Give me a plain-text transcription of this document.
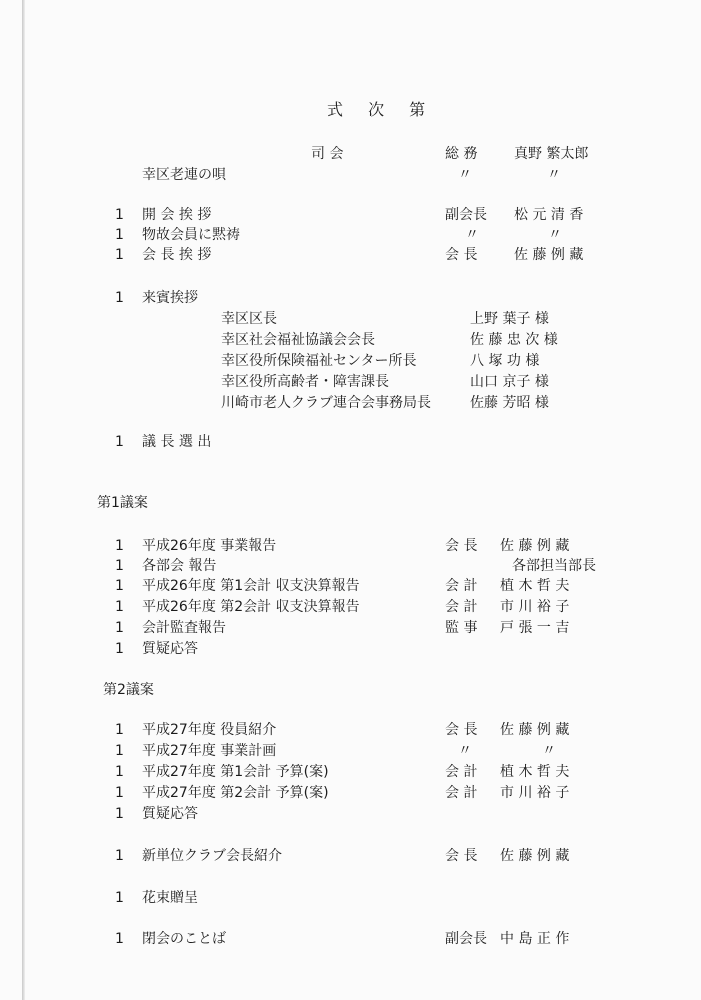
式 次 第
司 会	総 務	真野 繁太郎
幸区老連の唄	〃	〃
1 開 会 挨 拶	副会長 松 元 清 香
1 物故会員に黙祷	〃	〃
1 会 長 挨 拶	会 長	佐 藤 例 藏
1 来賓挨拶
幸区区長	上野 葉子 様
幸区社会福祉協議会会長	佐 藤 忠 次 様
幸区役所保険福祉センター所長	八 塚 功 様
幸区役所高齢者・障害課長	山口 京子 様
川崎市老人クラブ連合会事務局長	佐藤 芳昭 様
1 議 長 選 出
第1議案
1 平成26年度 事業報告	会 長 佐 藤 例 藏
1 各部会 報告	各部担当部長
1 平成26年度 第1会計 収支決算報告	会 計 植 木 哲 夫
1 平成26年度 第2会計 収支決算報告	会 計 市 川 裕 子
1 会計監査報告	監 事 戸 張 一 吉
1 質疑応答
第2議案
1 平成27年度 役員紹介	会 長 佐 藤 例 藏
1 平成27年度 事業計画	〃	〃
1 平成27年度 第1会計 予算(案)	会 計 植 木 哲 夫
1 平成27年度 第2会計 予算(案)	会 計 市 川 裕 子
1 質疑応答
1 新単位クラブ会長紹介	会 長 佐 藤 例 藏
1 花束贈呈
1 閉会のことば	副会長 中 島 正 作
